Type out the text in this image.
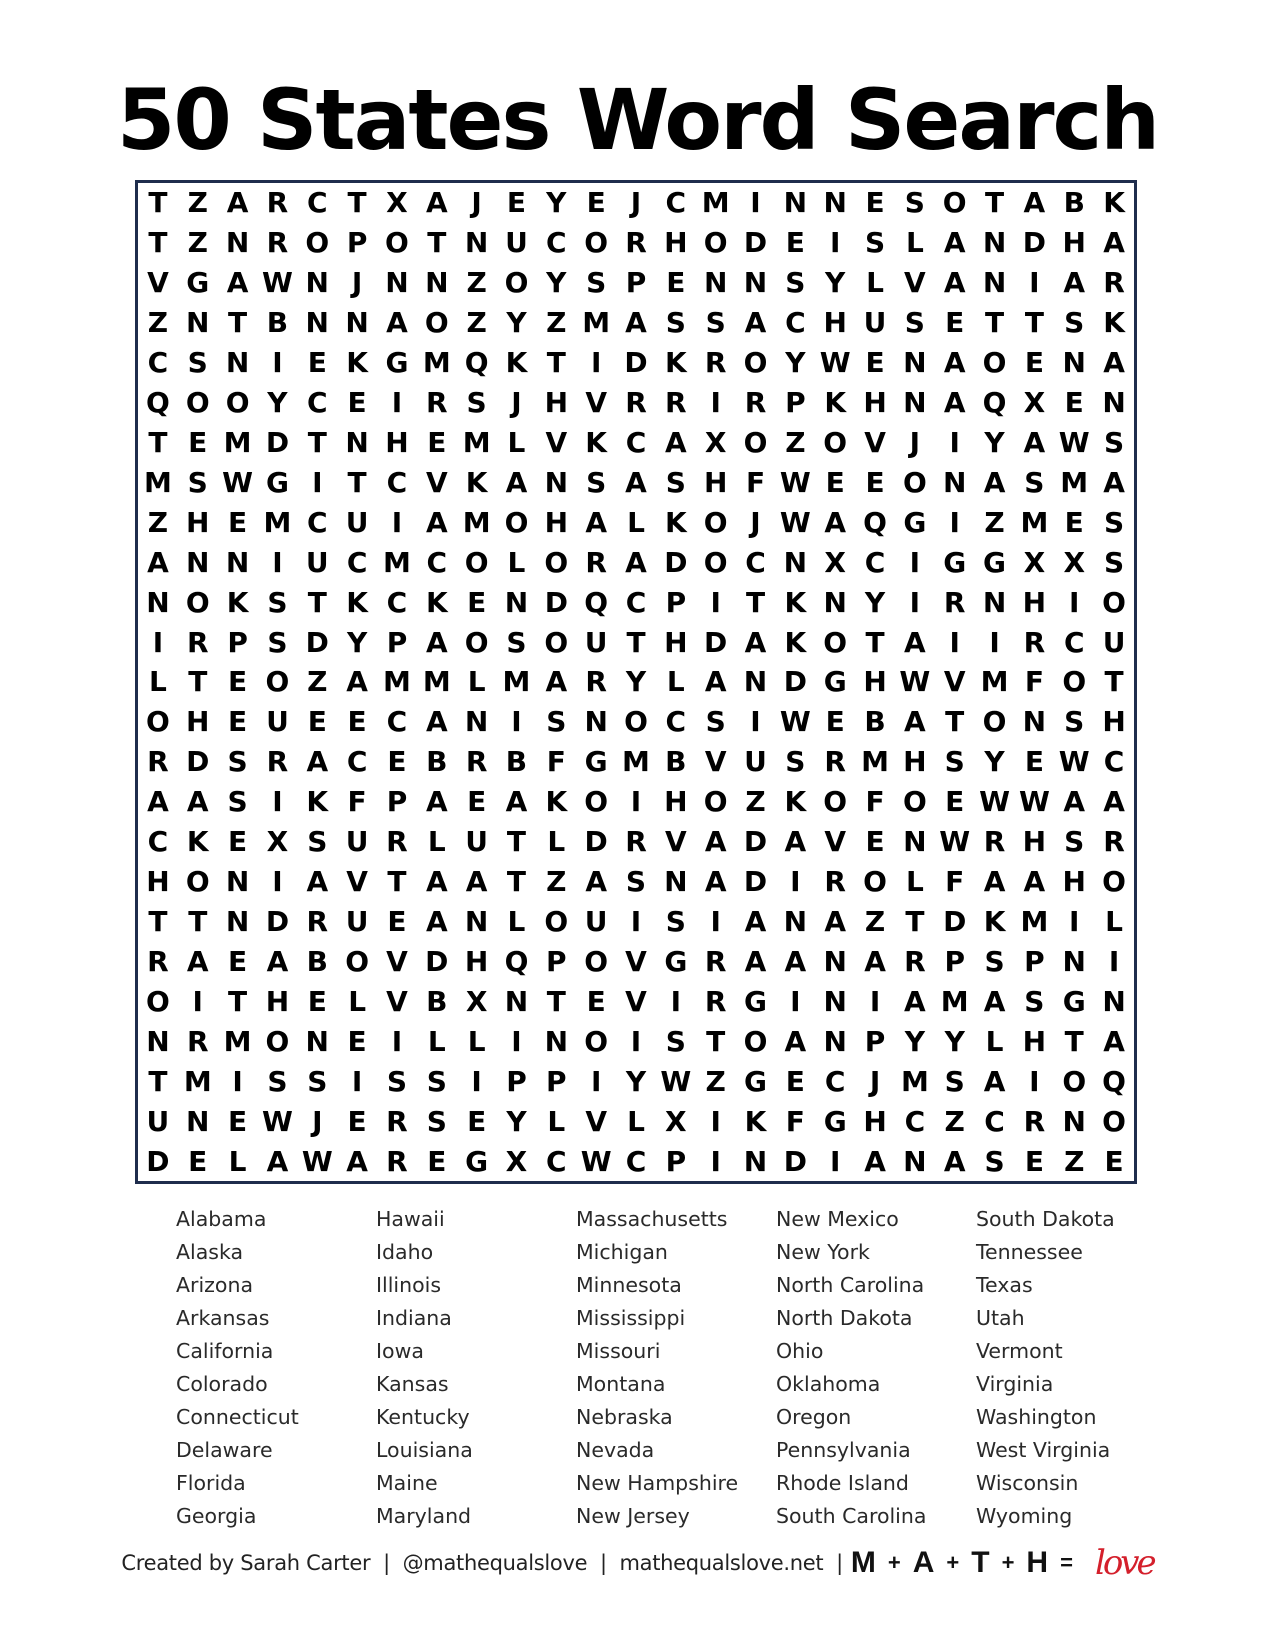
50 States Word Search
T Z A R C T X A J E Y E J C M I N N E S O T A B K
T Z N R O P O T N U C O R H O D E I S L A N D H A
V G A W N J N N Z O Y S P E N N S Y L V A N I A R
Z N T B N N A O Z Y Z M A S S A C H U S E T T S K
C S N I E K G M Q K T I D K R O Y W E N A O E N A
Q O O Y C E I R S J H V R R I R P K H N A Q X E N
T E M D T N H E M L V K C A X O Z O V J	I Y A W S
M S W G I T C V K A N S A S H F W E E O N A S M A
Z H E M C U I A M O H A L K O J W A Q G I Z M E S
A N N I U C M C O L O R A D O C N X C I G G X X S
N O K S T K C K E N D Q C P I T K N Y I R N H I O
I R P S D Y P A O S O U T H D A K O T A I	I R C U
L T E O Z A M M L M A R Y L A N D G H W V M F O T
O H E U E E C A N I S N O C S I W E B A T O N S H
R D S R A C E B R B F G M B V U S R M H S Y E W C
A A S I K F P A E A K O I H O Z K O F O E W W A A
C K E X S U R L U T L D R V A D A V E N W R H S R
H O N I A V T A A T Z A S N A D I R O L F A A H O
T T N D R U E A N L O U I S I A N A Z T D K M I L
R A E A B O V D H Q P O V G R A A N A R P S P N I
O I T H E L V B X N T E V I R G I N I A M A S G N
N R M O N E I L L I N O I S T O A N P Y Y L H T A
T M I S S I S S I P P I Y W Z G E C J M S A I O Q
U N E W J E R S E Y L V L X I K F G H C Z C R N O
D E L A W A R E G X C W C P I N D I A N A S E Z E
Alabama
Alaska
Arizona
Arkansas
California
Colorado
Connecticut
Delaware
Florida
Georgia
Hawaii
Idaho
Illinois
Indiana
Iowa
Kansas
Kentucky
Louisiana
Maine
Maryland
Massachusetts
Michigan
Minnesota
Mississippi
Missouri
Montana
Nebraska
Nevada
New Hampshire
New Jersey
New Mexico
New York
North Carolina
North Dakota
Ohio
Oklahoma
Oregon
Pennsylvania
Rhode Island
South Carolina
South Dakota
Tennessee
Texas
Utah
Vermont
Virginia
Washington
West Virginia
Wisconsin
Wyoming
Created by Sarah Carter  |  @mathequalslove  |  mathequalslove.net  | M + A + T + H = love
